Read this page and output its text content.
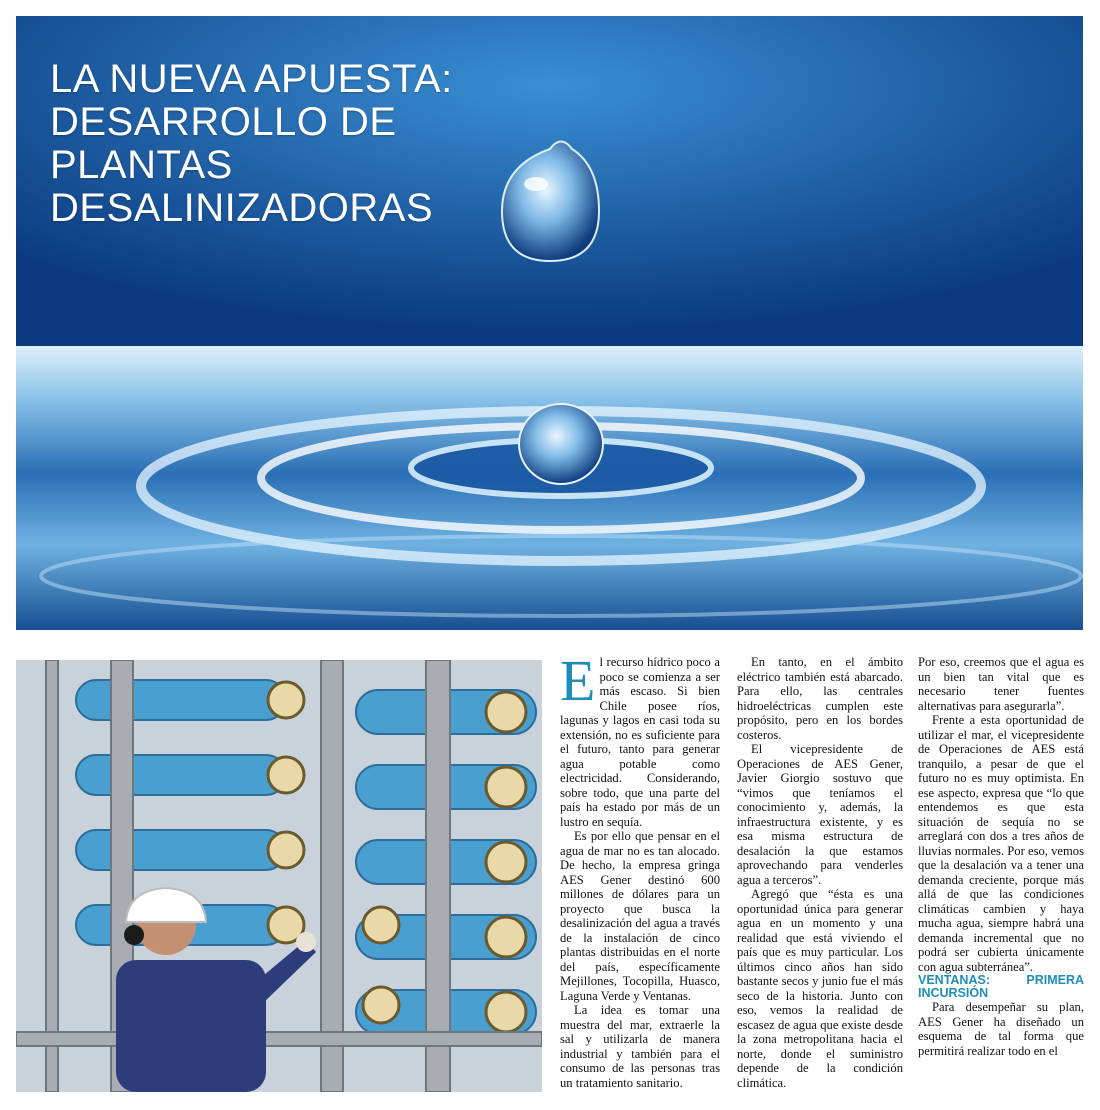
LA NUEVA APUESTA:
DESARROLLO DE
PLANTAS
DESALINIZADORAS

El recurso hídrico poco a poco se comienza a ser más escaso. Si bien Chile posee ríos, lagunas y lagos en casi toda su extensión, no es suficiente para el futuro, tanto para generar agua potable como electricidad. Considerando, sobre todo, que una parte del país ha estado por más de un lustro en sequía.

Es por ello que pensar en el agua de mar no es tan alocado. De hecho, la empresa gringa AES Gener destinó 600 millones de dólares para un proyecto que busca la desalinización del agua a través de la instalación de cinco plantas distribuidas en el norte del país, específicamente Mejillones, Tocopilla, Huasco, Laguna Verde y Ventanas.

La idea es tomar una muestra del mar, extraerle la sal y utilizarla de manera industrial y también para el consumo de las personas tras un tratamiento sanitario.

En tanto, en el ámbito eléctrico también está abarcado. Para ello, las centrales hidroeléctricas cumplen este propósito, pero en los bordes costeros.

El vicepresidente de Operaciones de AES Gener, Javier Giorgio sostuvo que “vimos que teníamos el conocimiento y, además, la infraestructura existente, y es esa misma estructura de desalación la que estamos aprovechando para venderles agua a terceros”.

Agregó que “ésta es una oportunidad única para generar agua en un momento y una realidad que está viviendo el país que es muy particular. Los últimos cinco años han sido bastante secos y junio fue el más seco de la historia. Junto con eso, vemos la realidad de escasez de agua que existe desde la zona metropolitana hacia el norte, donde el suministro depende de la condición climática.

Por eso, creemos que el agua es un bien tan vital que es necesario tener fuentes alternativas para asegurarla”.

Frente a esta oportunidad de utilizar el mar, el vicepresidente de Operaciones de AES está tranquilo, a pesar de que el futuro no es muy optimista. En ese aspecto, expresa que “lo que entendemos es que esta situación de sequía no se arreglará con dos a tres años de lluvias normales. Por eso, vemos que la desalación va a tener una demanda creciente, porque más allá de que las condiciones climáticas cambien y haya mucha agua, siempre habrá una demanda incremental que no podrá ser cubierta únicamente con agua subterránea”.

VENTANAS: PRIMERA INCURSIÓN

Para desempeñar su plan, AES Gener ha diseñado un esquema de tal forma que permitirá realizar todo en el
